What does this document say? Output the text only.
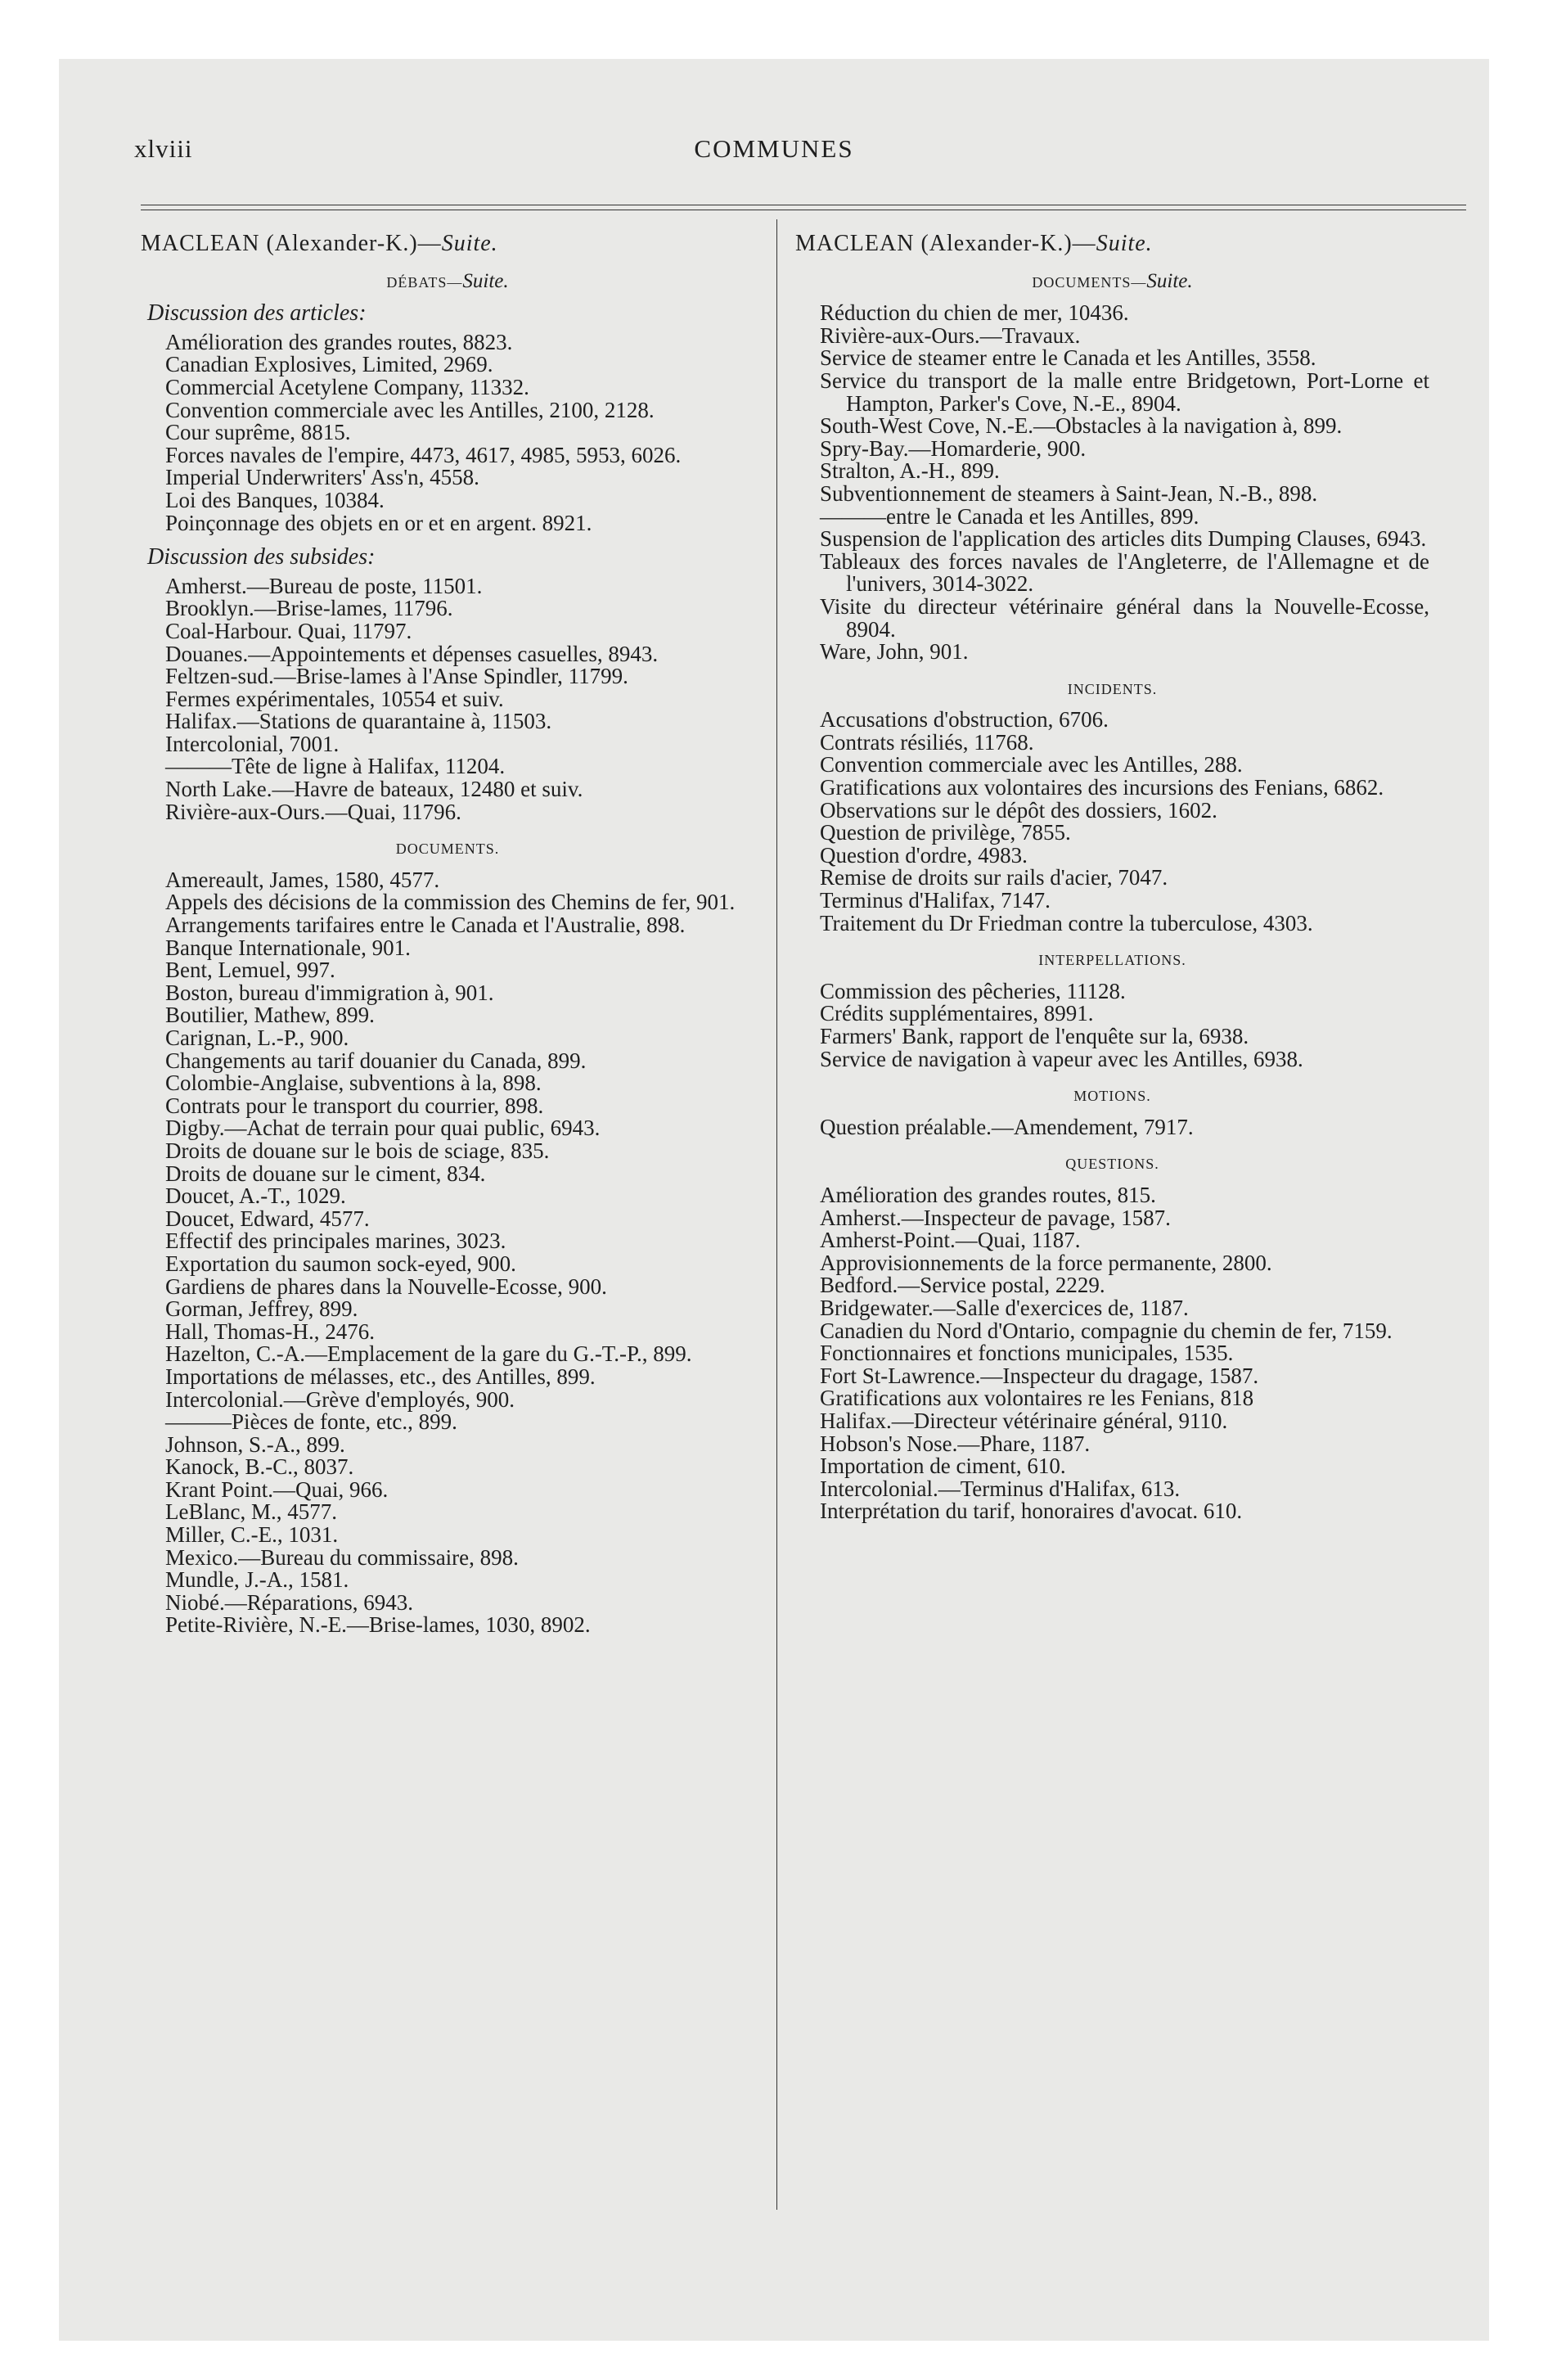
xlviii	COMMUNES
MACLEAN (Alexander-K.)—Suite.
DÉBATS—Suite.
Discussion des articles:
Amélioration des grandes routes, 8823.
Canadian Explosives, Limited, 2969.
Commercial Acetylene Company, 11332.
Convention commerciale avec les Antilles, 2100, 2128.
Cour suprême, 8815.
Forces navales de l'empire, 4473, 4617, 4985, 5953, 6026.
Imperial Underwriters' Ass'n, 4558.
Loi des Banques, 10384.
Poinçonnage des objets en or et en argent. 8921.
Discussion des subsides:
Amherst.—Bureau de poste, 11501.
Brooklyn.—Brise-lames, 11796.
Coal-Harbour. Quai, 11797.
Douanes.—Appointements et dépenses casuelles, 8943.
Feltzen-sud.—Brise-lames à l'Anse Spindler, 11799.
Fermes expérimentales, 10554 et suiv.
Halifax.—Stations de quarantaine à, 11503.
Intercolonial, 7001.
———Tête de ligne à Halifax, 11204.
North Lake.—Havre de bateaux, 12480 et suiv.
Rivière-aux-Ours.—Quai, 11796.
DOCUMENTS.
Amereault, James, 1580, 4577.
Appels des décisions de la commission des Chemins de fer, 901.
Arrangements tarifaires entre le Canada et l'Australie, 898.
Banque Internationale, 901.
Bent, Lemuel, 997.
Boston, bureau d'immigration à, 901.
Boutilier, Mathew, 899.
Carignan, L.-P., 900.
Changements au tarif douanier du Canada, 899.
Colombie-Anglaise, subventions à la, 898.
Contrats pour le transport du courrier, 898.
Digby.—Achat de terrain pour quai public, 6943.
Droits de douane sur le bois de sciage, 835.
Droits de douane sur le ciment, 834.
Doucet, A.-T., 1029.
Doucet, Edward, 4577.
Effectif des principales marines, 3023.
Exportation du saumon sock-eyed, 900.
Gardiens de phares dans la Nouvelle-Ecosse, 900.
Gorman, Jeffrey, 899.
Hall, Thomas-H., 2476.
Hazelton, C.-A.—Emplacement de la gare du G.-T.-P., 899.
Importations de mélasses, etc., des Antilles, 899.
Intercolonial.—Grève d'employés, 900.
———Pièces de fonte, etc., 899.
Johnson, S.-A., 899.
Kanock, B.-C., 8037.
Krant Point.—Quai, 966.
LeBlanc, M., 4577.
Miller, C.-E., 1031.
Mexico.—Bureau du commissaire, 898.
Mundle, J.-A., 1581.
Niobé.—Réparations, 6943.
Petite-Rivière, N.-E.—Brise-lames, 1030, 8902.
MACLEAN (Alexander-K.)—Suite.
DOCUMENTS—Suite.
Réduction du chien de mer, 10436.
Rivière-aux-Ours.—Travaux.
Service de steamer entre le Canada et les Antilles, 3558.
Service du transport de la malle entre Bridgetown, Port-Lorne et Hampton, Parker's Cove, N.-E., 8904.
South-West Cove, N.-E.—Obstacles à la navigation à, 899.
Spry-Bay.—Homarderie, 900.
Stralton, A.-H., 899.
Subventionnement de steamers à Saint-Jean, N.-B., 898.
———entre le Canada et les Antilles, 899.
Suspension de l'application des articles dits Dumping Clauses, 6943.
Tableaux des forces navales de l'Angleterre, de l'Allemagne et de l'univers, 3014-3022.
Visite du directeur vétérinaire général dans la Nouvelle-Ecosse, 8904.
Ware, John, 901.
INCIDENTS.
Accusations d'obstruction, 6706.
Contrats résiliés, 11768.
Convention commerciale avec les Antilles, 288.
Gratifications aux volontaires des incursions des Fenians, 6862.
Observations sur le dépôt des dossiers, 1602.
Question de privilège, 7855.
Question d'ordre, 4983.
Remise de droits sur rails d'acier, 7047.
Terminus d'Halifax, 7147.
Traitement du Dr Friedman contre la tuberculose, 4303.
INTERPELLATIONS.
Commission des pêcheries, 11128.
Crédits supplémentaires, 8991.
Farmers' Bank, rapport de l'enquête sur la, 6938.
Service de navigation à vapeur avec les Antilles, 6938.
MOTIONS.
Question préalable.—Amendement, 7917.
QUESTIONS.
Amélioration des grandes routes, 815.
Amherst.—Inspecteur de pavage, 1587.
Amherst-Point.—Quai, 1187.
Approvisionnements de la force permanente, 2800.
Bedford.—Service postal, 2229.
Bridgewater.—Salle d'exercices de, 1187.
Canadien du Nord d'Ontario, compagnie du chemin de fer, 7159.
Fonctionnaires et fonctions municipales, 1535.
Fort St-Lawrence.—Inspecteur du dragage, 1587.
Gratifications aux volontaires re les Fenians, 818
Halifax.—Directeur vétérinaire général, 9110.
Hobson's Nose.—Phare, 1187.
Importation de ciment, 610.
Intercolonial.—Terminus d'Halifax, 613.
Interprétation du tarif, honoraires d'avocat. 610.
